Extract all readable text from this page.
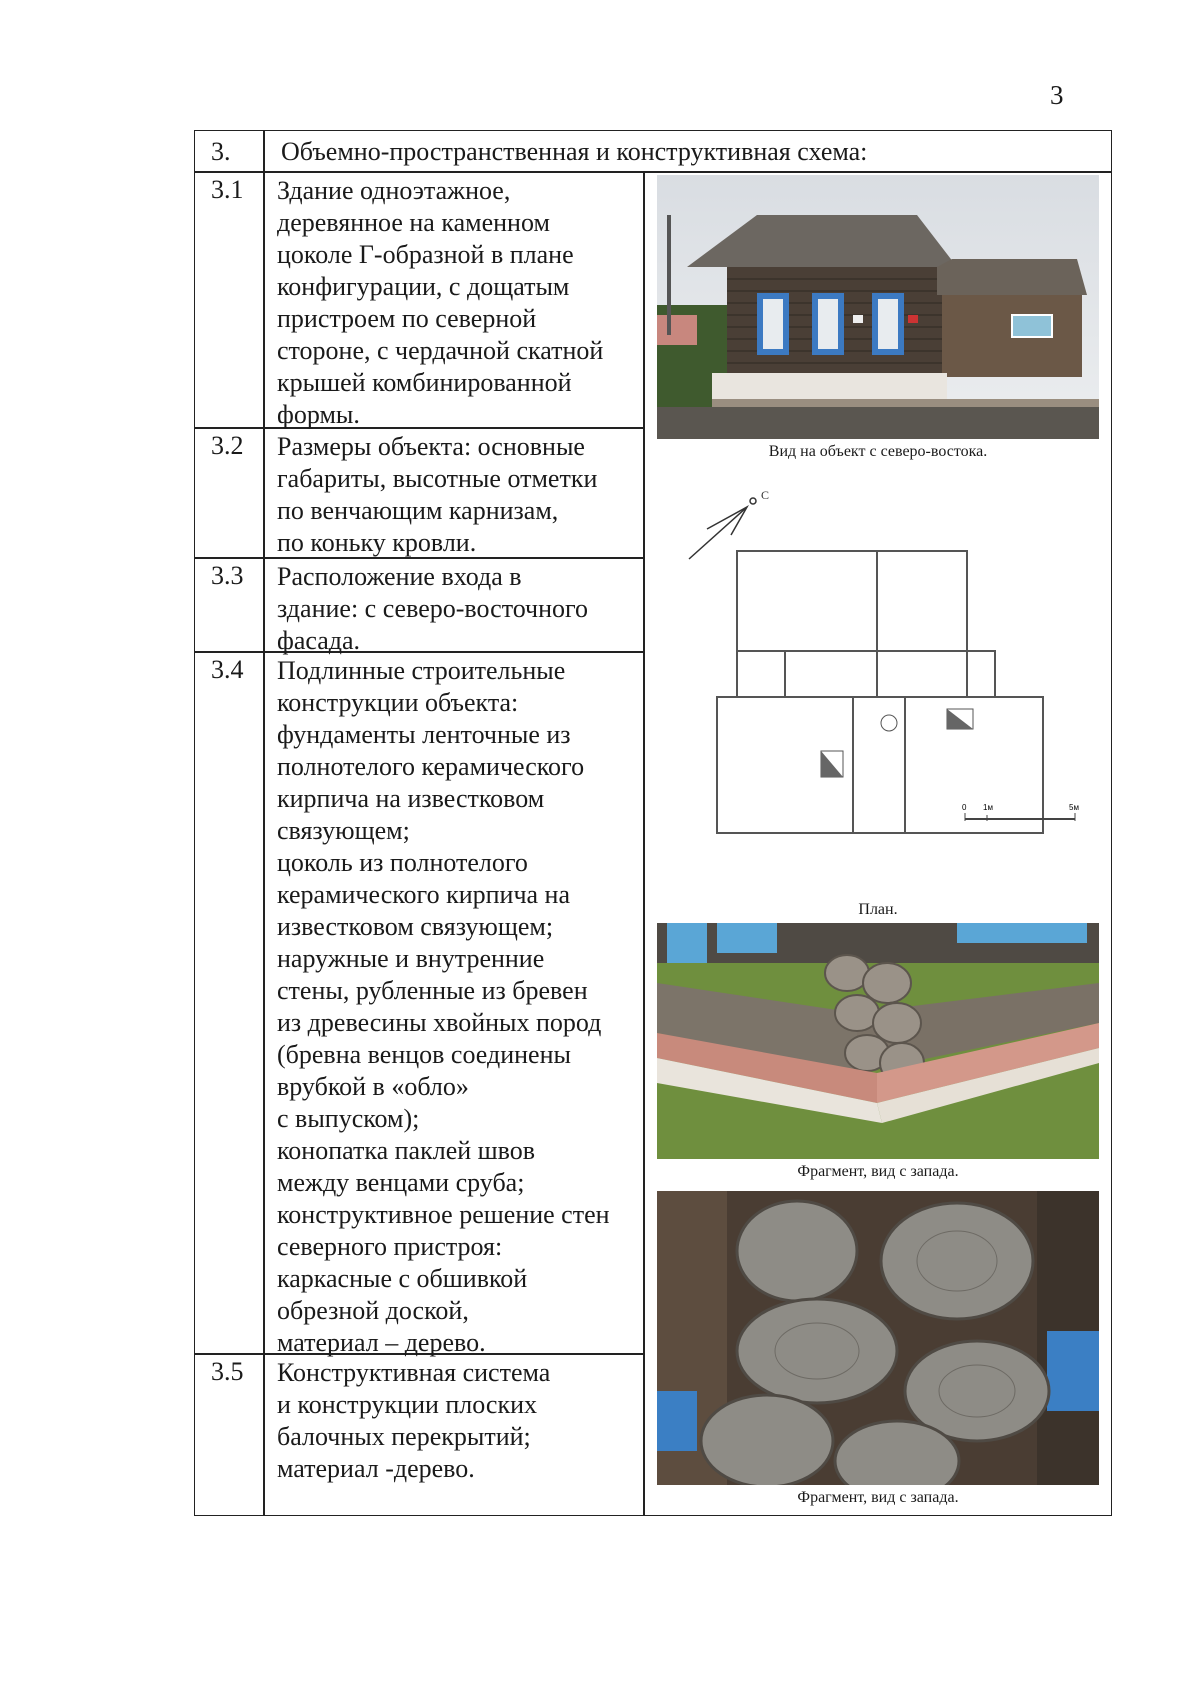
3
3. Объемно-пространственная и конструктивная схема:
3.1 Здание одноэтажное,
деревянное на каменном
цоколе Г-образной в плане
конфигурации, с дощатым
пристроем по северной
стороне, с чердачной скатной
крышей комбинированной
формы.
3.2 Размеры объекта: основные
габариты, высотные отметки
по венчающим карнизам,
по коньку кровли.
3.3 Расположение входа в
здание: с северо-восточного
фасада.
3.4 Подлинные строительные
конструкции объекта:
фундаменты ленточные из
полнотелого керамического
кирпича на известковом
связующем;
цоколь из полнотелого
керамического кирпича на
известковом связующем;
наружные и внутренние
стены, рубленные из бревен
из древесины хвойных пород
(бревна венцов соединены
врубкой в «обло»
с выпуском);
конопатка паклей швов
между венцами сруба;
конструктивное решение стен
северного пристроя:
каркасные с обшивкой
обрезной доской,
материал – дерево.
3.5 Конструктивная система
и конструкции плоских
балочных перекрытий;
материал -дерево.
Вид на объект с северо-востока.
С
0 1м	5м
План.
Фрагмент, вид с запада.
Фрагмент, вид с запада.
